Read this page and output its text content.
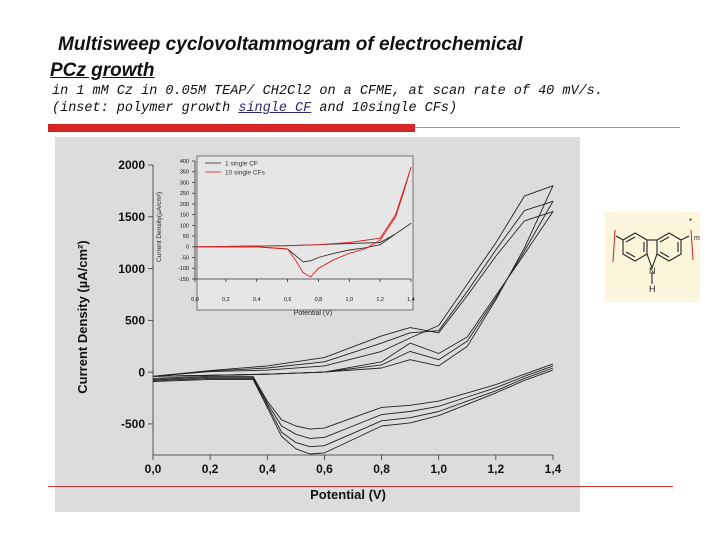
Multisweep cyclovoltammogram of electrochemical
PCz growth
in 1 mM Cz in 0.05M TEAP/ CH2Cl2 on a CFME, at scan rate of 40 mV/s.
(inset: polymer growth single CF and 10single CFs)
0,0	0,2	0,4	0,6	0,8	1,0	1,2	1,4
2000
1500
1000
500
0
-500
Potential (V)
Current Density (µA/cm²)	0,0	0,2	0,4	0,6	0,8	1,0	1,2	1,4
400
350
300
250
200
150
100
50
0
-50
-100
-150
Potential (V)
Current Density(µA/cm²)
1 single CF
10 single CFs
N
H
m
*
